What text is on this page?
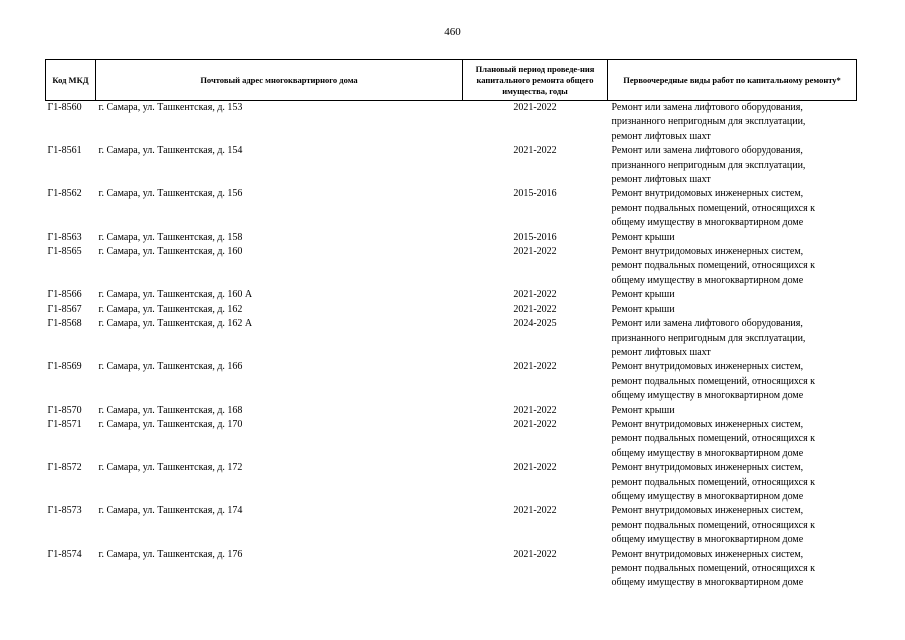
460
Код МКД	Почтовый адрес многоквартирного дома	Плановый период проведе-ния капитального ремонта общего имущества, годы	Первоочередные виды работ по капитальному ремонту*
Г1-8560	г. Самара, ул. Ташкентская, д. 153	2021-2022	Ремонт или замена лифтового оборудования,
признанного непригодным для эксплуатации,
ремонт лифтовых шахт

Г1-8561	г. Самара, ул. Ташкентская, д. 154	2021-2022	Ремонт или замена лифтового оборудования,
признанного непригодным для эксплуатации,
ремонт лифтовых шахт

Г1-8562	г. Самара, ул. Ташкентская, д. 156	2015-2016	Ремонт внутридомовых инженерных систем,
ремонт подвальных помещений, относящихся к
общему имуществу в многоквартирном доме

Г1-8563	г. Самара, ул. Ташкентская, д. 158	2015-2016	Ремонт крыши

Г1-8565	г. Самара, ул. Ташкентская, д. 160	2021-2022	Ремонт внутридомовых инженерных систем,
ремонт подвальных помещений, относящихся к
общему имуществу в многоквартирном доме

Г1-8566	г. Самара, ул. Ташкентская, д. 160 А	2021-2022	Ремонт крыши

Г1-8567	г. Самара, ул. Ташкентская, д. 162	2021-2022	Ремонт крыши

Г1-8568	г. Самара, ул. Ташкентская, д. 162 А	2024-2025	Ремонт или замена лифтового оборудования,
признанного непригодным для эксплуатации,
ремонт лифтовых шахт

Г1-8569	г. Самара, ул. Ташкентская, д. 166	2021-2022	Ремонт внутридомовых инженерных систем,
ремонт подвальных помещений, относящихся к
общему имуществу в многоквартирном доме

Г1-8570	г. Самара, ул. Ташкентская, д. 168	2021-2022	Ремонт крыши

Г1-8571	г. Самара, ул. Ташкентская, д. 170	2021-2022	Ремонт внутридомовых инженерных систем,
ремонт подвальных помещений, относящихся к
общему имуществу в многоквартирном доме

Г1-8572	г. Самара, ул. Ташкентская, д. 172	2021-2022	Ремонт внутридомовых инженерных систем,
ремонт подвальных помещений, относящихся к
общему имуществу в многоквартирном доме

Г1-8573	г. Самара, ул. Ташкентская, д. 174	2021-2022	Ремонт внутридомовых инженерных систем,
ремонт подвальных помещений, относящихся к
общему имуществу в многоквартирном доме

Г1-8574	г. Самара, ул. Ташкентская, д. 176	2021-2022	Ремонт внутридомовых инженерных систем,
ремонт подвальных помещений, относящихся к
общему имуществу в многоквартирном доме
